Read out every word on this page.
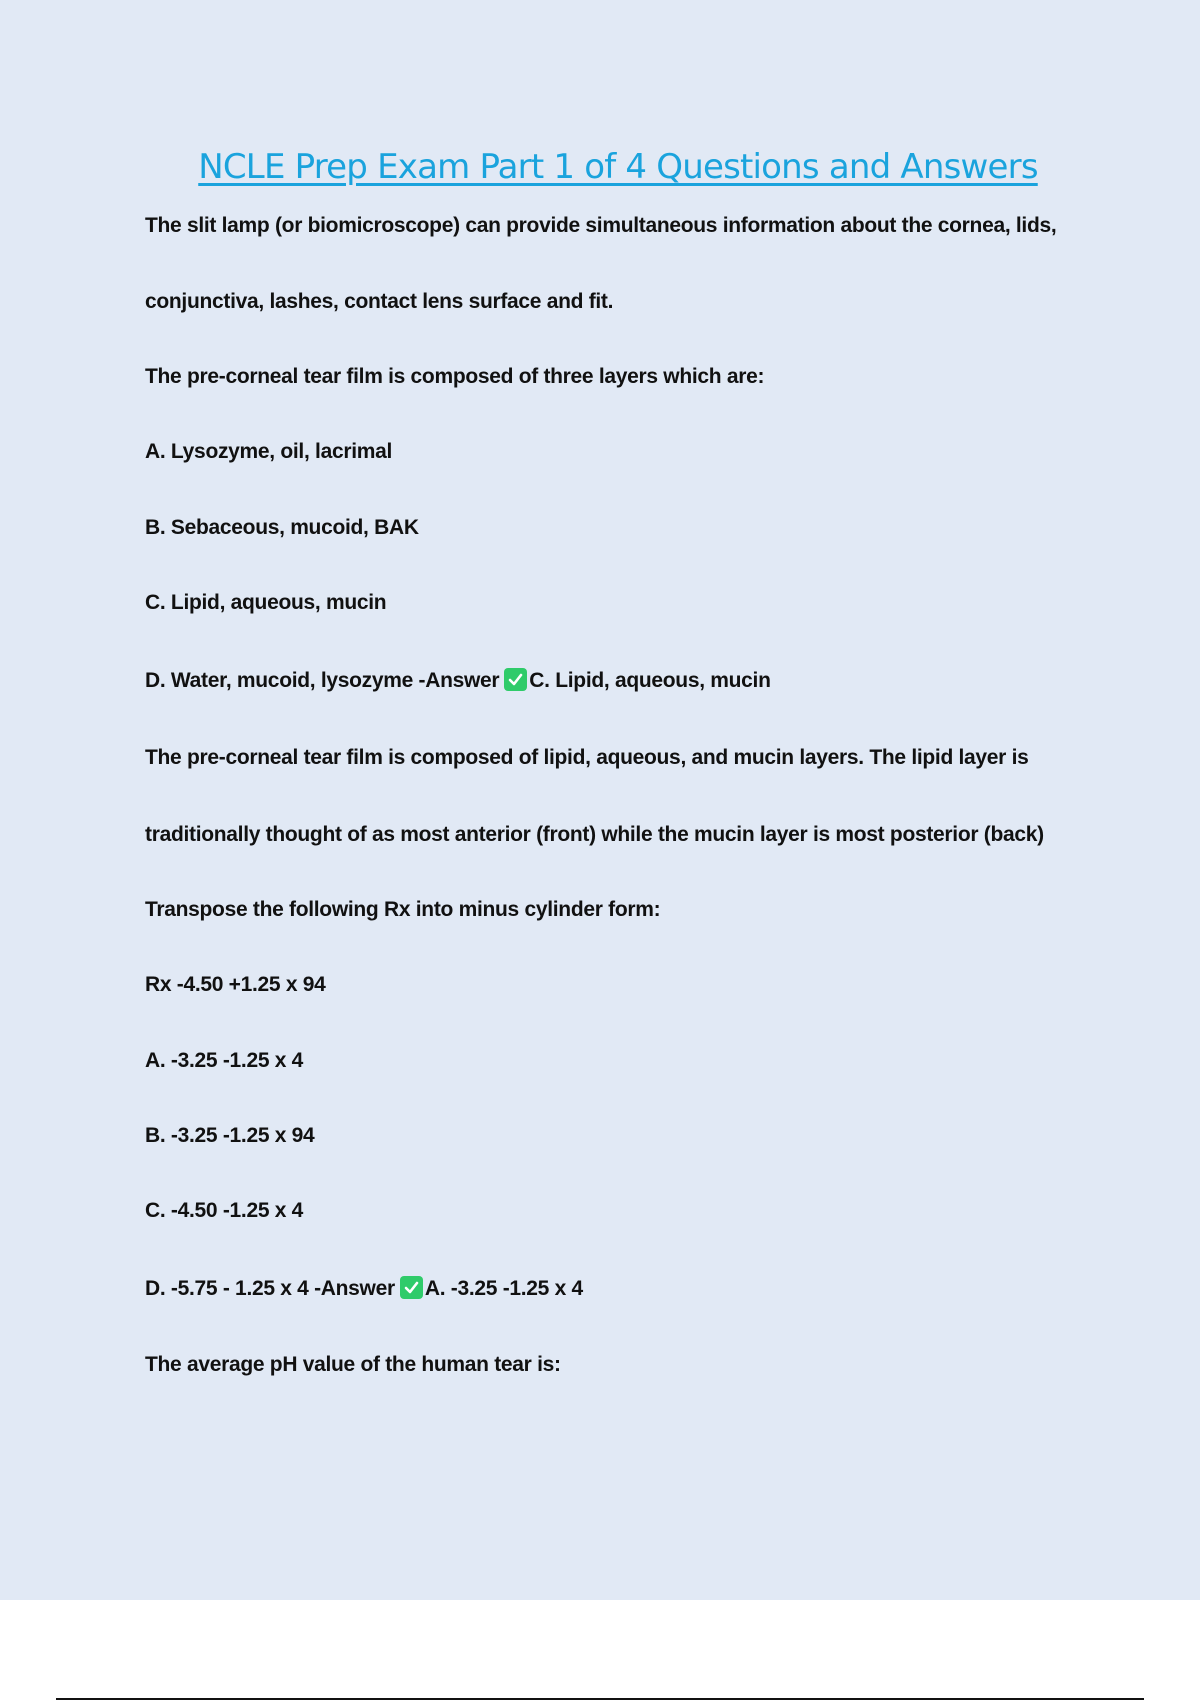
NCLE Prep Exam Part 1 of 4 Questions and Answers
The slit lamp (or biomicroscope) can provide simultaneous information about the cornea, lids,
conjunctiva, lashes, contact lens surface and fit.
The pre-corneal tear film is composed of three layers which are:
A. Lysozyme, oil, lacrimal
B. Sebaceous, mucoid, BAK
C. Lipid, aqueous, mucin
D. Water, mucoid, lysozyme -Answer C. Lipid, aqueous, mucin
The pre-corneal tear film is composed of lipid, aqueous, and mucin layers. The lipid layer is
traditionally thought of as most anterior (front) while the mucin layer is most posterior (back)
Transpose the following Rx into minus cylinder form:
Rx -4.50 +1.25 x 94
A. -3.25 -1.25 x 4
B. -3.25 -1.25 x 94
C. -4.50 -1.25 x 4
D. -5.75 - 1.25 x 4 -Answer A. -3.25 -1.25 x 4
The average pH value of the human tear is:
